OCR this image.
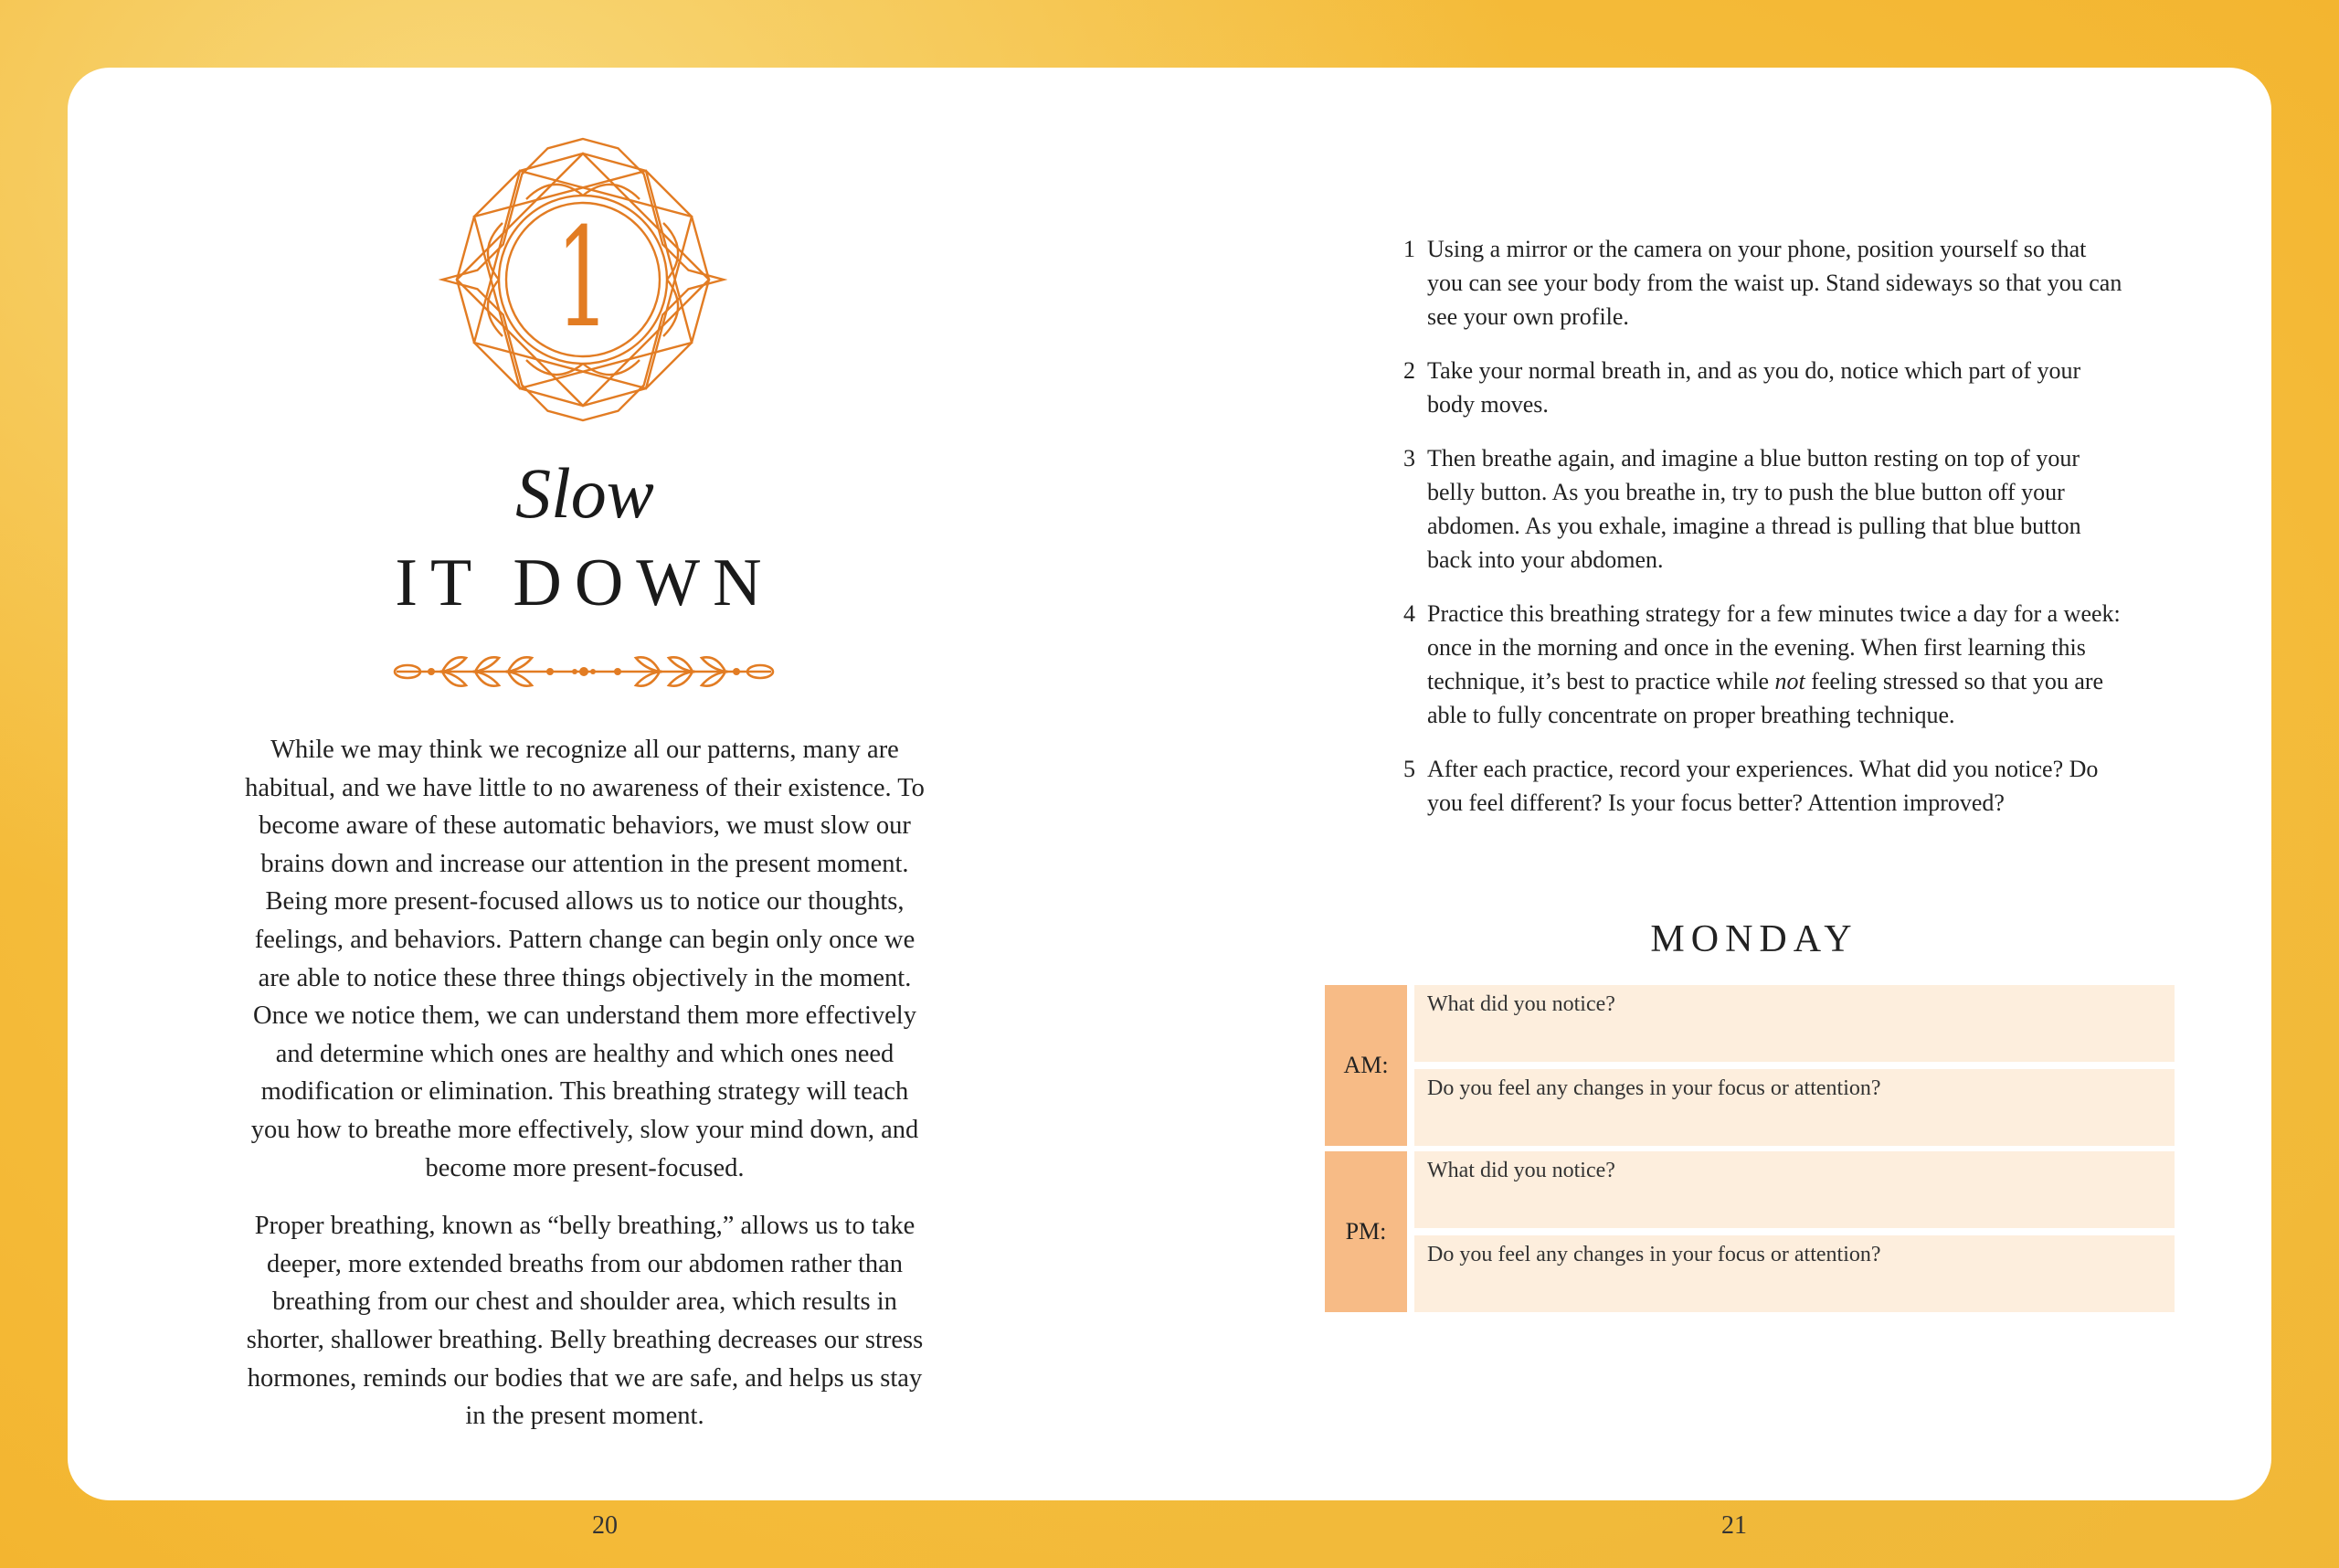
1
Slow
IT DOWN

While we may think we recognize all our patterns, many are habitual, and we have little to no awareness of their existence. To become aware of these automatic behaviors, we must slow our brains down and increase our attention in the present moment. Being more present-focused allows us to notice our thoughts, feelings, and behaviors. Pattern change can begin only once we are able to notice these three things objectively in the moment. Once we notice them, we can understand them more effectively and determine which ones are healthy and which ones need modification or elimination. This breathing strategy will teach you how to breathe more effectively, slow your mind down, and become more present-focused.

Proper breathing, known as “belly breathing,” allows us to take deeper, more extended breaths from our abdomen rather than breathing from our chest and shoulder area, which results in shorter, shallower breathing. Belly breathing decreases our stress hormones, reminds our bodies that we are safe, and helps us stay in the present moment.

20
1 Using a mirror or the camera on your phone, position yourself so that you can see your body from the waist up. Stand sideways so that you can see your own profile.
2 Take your normal breath in, and as you do, notice which part of your body moves.
3 Then breathe again, and imagine a blue button resting on top of your belly button. As you breathe in, try to push the blue button off your abdomen. As you exhale, imagine a thread is pulling that blue button back into your abdomen.
4 Practice this breathing strategy for a few minutes twice a day for a week: once in the morning and once in the evening. When first learning this technique, it’s best to practice while not feeling stressed so that you are able to fully concentrate on proper breathing technique.
5 After each practice, record your experiences. What did you notice? Do you feel different? Is your focus better? Attention improved?
MONDAY
AM:
What did you notice?
Do you feel any changes in your focus or attention?
PM:
What did you notice?
Do you feel any changes in your focus or attention?
21
